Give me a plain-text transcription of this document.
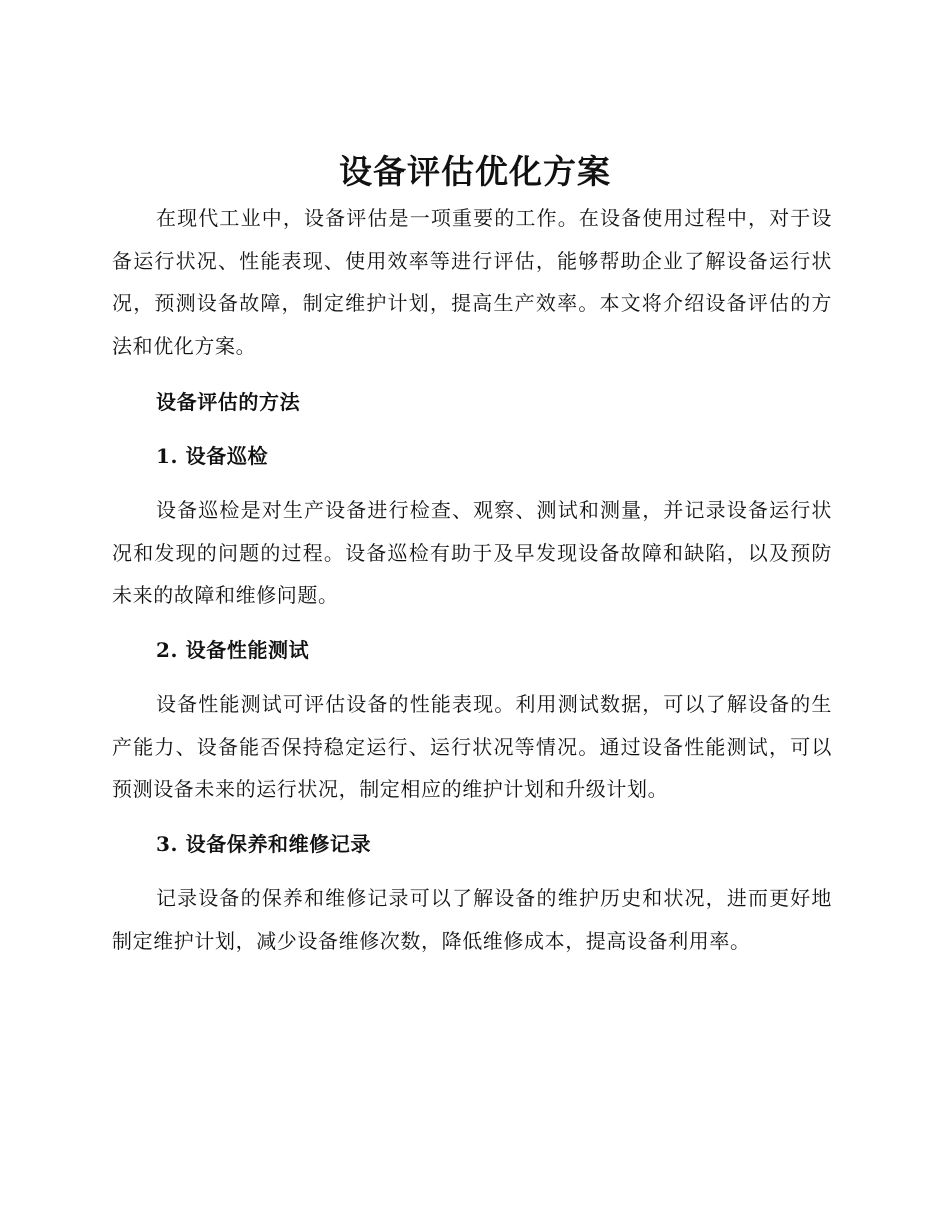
设备评估优化方案

在现代工业中，设备评估是一项重要的工作。在设备使用过程中，对于设备运行状况、性能表现、使用效率等进行评估，能够帮助企业了解设备运行状况，预测设备故障，制定维护计划，提高生产效率。本文将介绍设备评估的方法和优化方案。

设备评估的方法
1. 设备巡检

设备巡检是对生产设备进行检查、观察、测试和测量，并记录设备运行状况和发现的问题的过程。设备巡检有助于及早发现设备故障和缺陷，以及预防未来的故障和维修问题。

2. 设备性能测试

设备性能测试可评估设备的性能表现。利用测试数据，可以了解设备的生产能力、设备能否保持稳定运行、运行状况等情况。通过设备性能测试，可以预测设备未来的运行状况，制定相应的维护计划和升级计划。

3. 设备保养和维修记录

记录设备的保养和维修记录可以了解设备的维护历史和状况，进而更好地制定维护计划，减少设备维修次数，降低维修成本，提高设备利用率。
